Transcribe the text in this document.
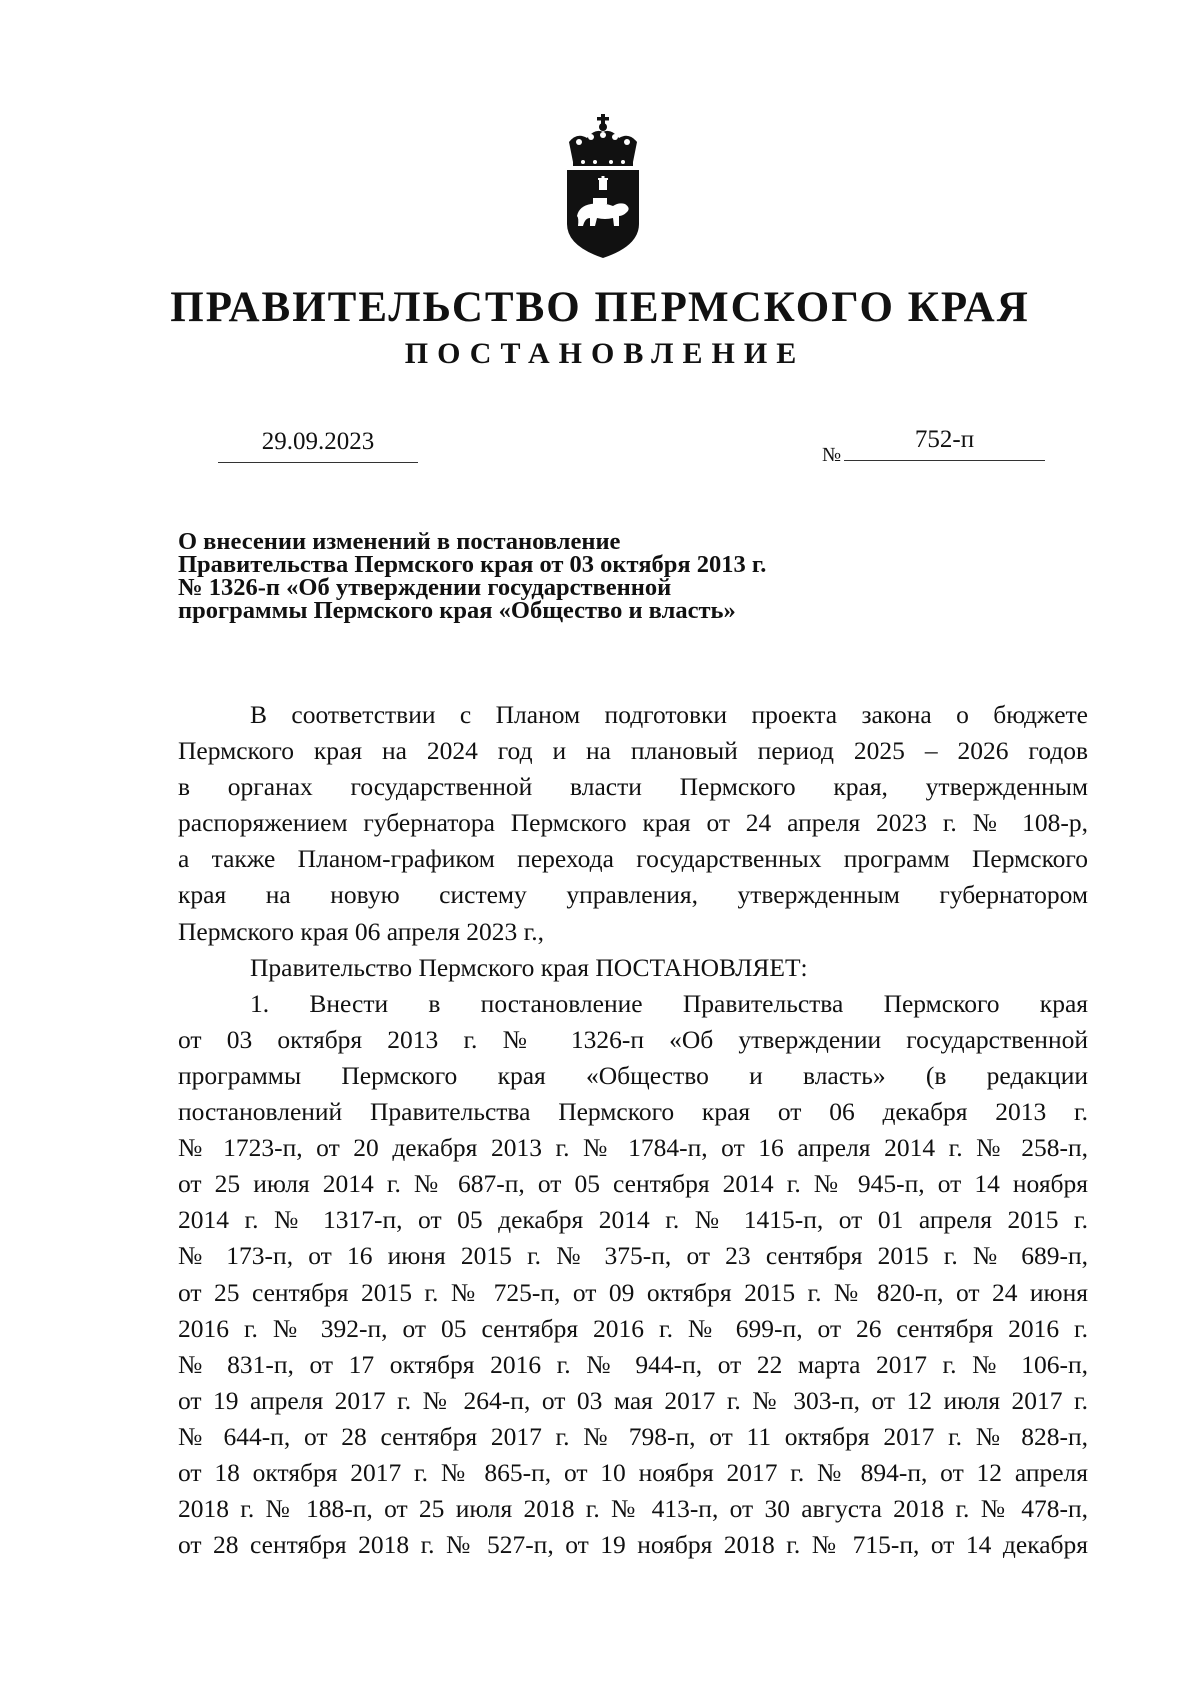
ПРАВИТЕЛЬСТВО ПЕРМСКОГО КРАЯ
ПОСТАНОВЛЕНИЕ
29.09.2023	№
752-п
О внесении изменений в постановление
Правительства Пермского края от 03 октября 2013 г.
№ 1326-п «Об утверждении государственной
программы Пермского края «Общество и власть»
В соответствии с Планом подготовки проекта закона о бюджете
Пермского края на 2024 год и на плановый период 2025 – 2026 годов
в органах государственной власти Пермского края, утвержденным
распоряжением губернатора Пермского края от 24 апреля 2023 г. № 108-р,
а также Планом-графиком перехода государственных программ Пермского
края на новую систему управления, утвержденным губернатором
Пермского края 06 апреля 2023 г.,
Правительство Пермского края ПОСТАНОВЛЯЕТ:
1. Внести в постановление Правительства Пермского края
от 03 октября 2013 г. № 1326-п «Об утверждении государственной
программы Пермского края «Общество и власть» (в редакции
постановлений Правительства Пермского края от 06 декабря 2013 г.
№ 1723-п, от 20 декабря 2013 г. № 1784-п, от 16 апреля 2014 г. № 258-п,
от 25 июля 2014 г. № 687-п, от 05 сентября 2014 г. № 945-п, от 14 ноября
2014 г. № 1317-п, от 05 декабря 2014 г. № 1415-п, от 01 апреля 2015 г.
№ 173-п, от 16 июня 2015 г. № 375-п, от 23 сентября 2015 г. № 689-п,
от 25 сентября 2015 г. № 725-п, от 09 октября 2015 г. № 820-п, от 24 июня
2016 г. № 392-п, от 05 сентября 2016 г. № 699-п, от 26 сентября 2016 г.
№ 831-п, от 17 октября 2016 г. № 944-п, от 22 марта 2017 г. № 106-п,
от 19 апреля 2017 г. № 264-п, от 03 мая 2017 г. № 303-п, от 12 июля 2017 г.
№ 644-п, от 28 сентября 2017 г. № 798-п, от 11 октября 2017 г. № 828-п,
от 18 октября 2017 г. № 865-п, от 10 ноября 2017 г. № 894-п, от 12 апреля
2018 г. № 188-п, от 25 июля 2018 г. № 413-п, от 30 августа 2018 г. № 478-п,
от 28 сентября 2018 г. № 527-п, от 19 ноября 2018 г. № 715-п, от 14 декабря
